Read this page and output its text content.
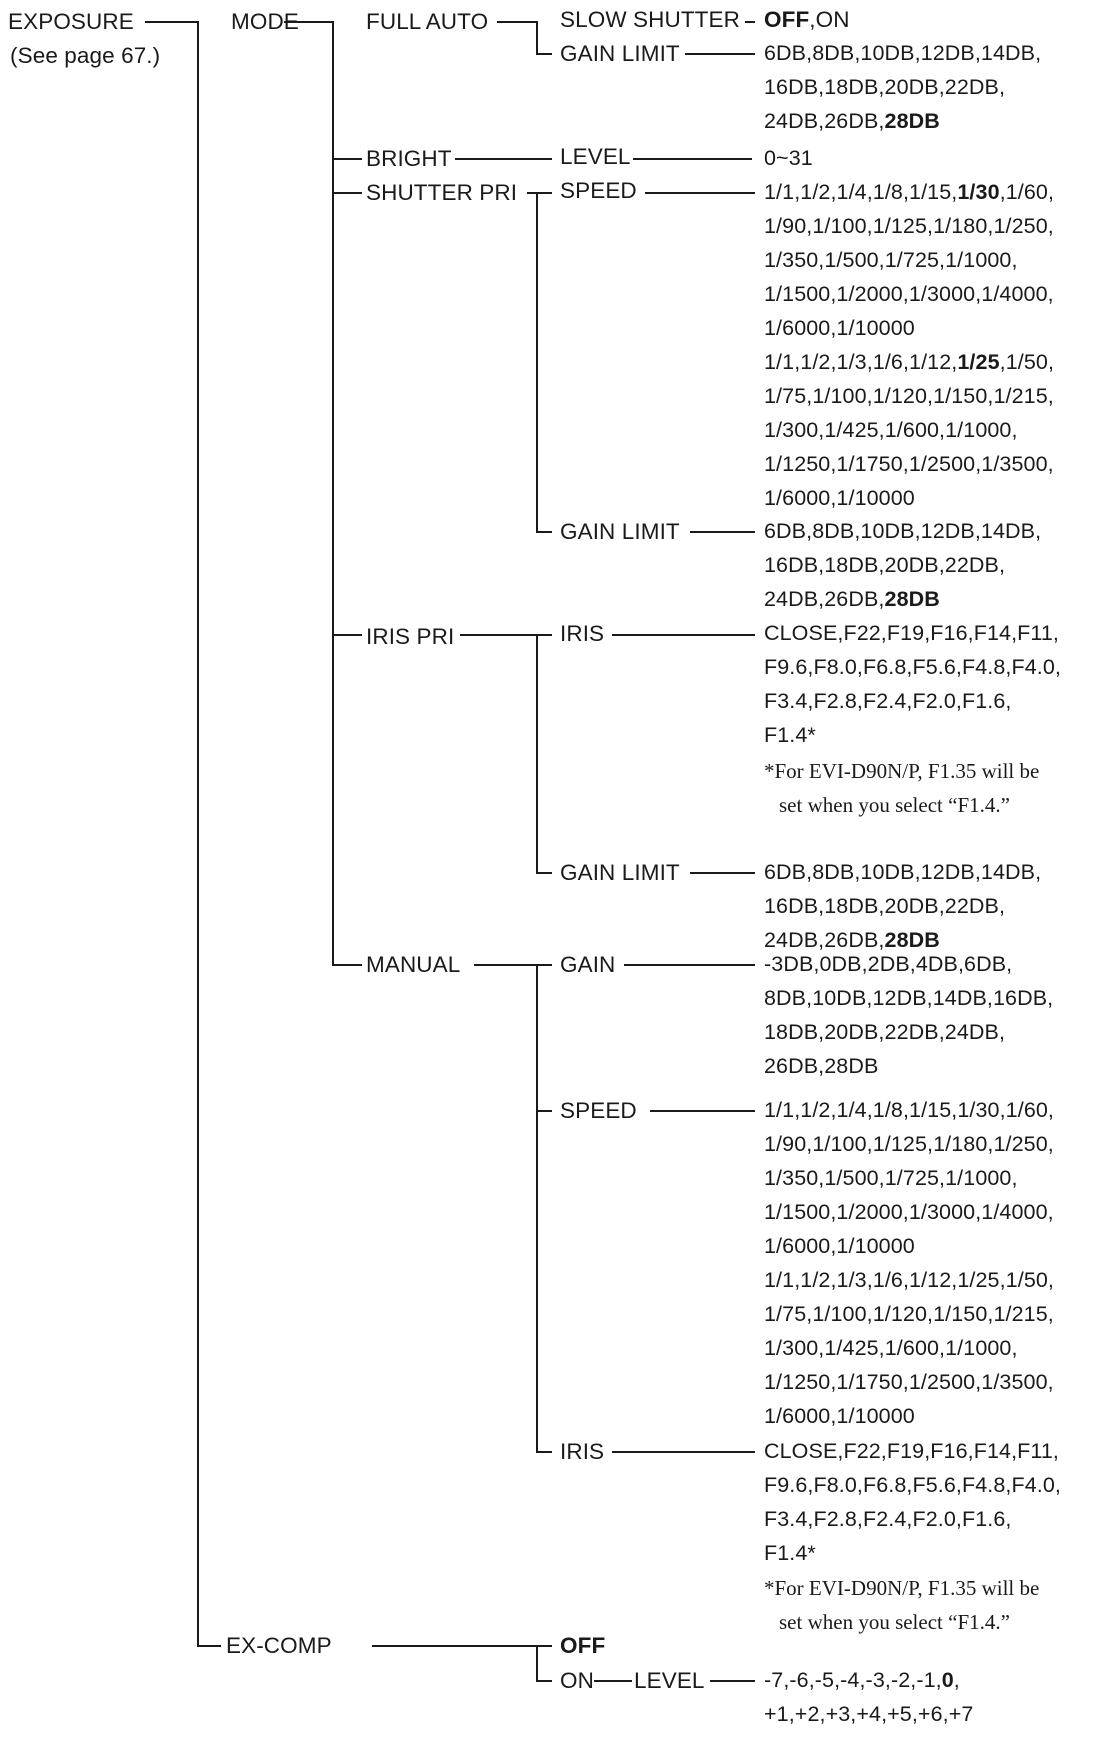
EXPOSURE
(See page 67.)
MODE	FULL AUTO	SLOW SHUTTER OFF,ON
GAIN LIMIT	6DB,8DB,10DB,12DB,14DB,
16DB,18DB,20DB,22DB,
24DB,26DB,28DB
BRIGHT	LEVEL	0~31
SHUTTER PRI SPEED	1/1,1/2,1/4,1/8,1/15,1/30,1/60,
1/90,1/100,1/125,1/180,1/250,
1/350,1/500,1/725,1/1000,
1/1500,1/2000,1/3000,1/4000,
1/6000,1/10000
1/1,1/2,1/3,1/6,1/12,1/25,1/50,
1/75,1/100,1/120,1/150,1/215,
1/300,1/425,1/600,1/1000,
1/1250,1/1750,1/2500,1/3500,
1/6000,1/10000
GAIN LIMIT	6DB,8DB,10DB,12DB,14DB,
16DB,18DB,20DB,22DB,
24DB,26DB,28DB
IRIS PRI	IRIS	CLOSE,F22,F19,F16,F14,F11,
F9.6,F8.0,F6.8,F5.6,F4.8,F4.0,
F3.4,F2.8,F2.4,F2.0,F1.6,
F1.4*
*For EVI-D90N/P, F1.35 will be
set when you select “F1.4.”
GAIN LIMIT	6DB,8DB,10DB,12DB,14DB,
16DB,18DB,20DB,22DB,
24DB,26DB,28DB
MANUAL	GAIN	-3DB,0DB,2DB,4DB,6DB,
8DB,10DB,12DB,14DB,16DB,
18DB,20DB,22DB,24DB,
26DB,28DB
SPEED	1/1,1/2,1/4,1/8,1/15,1/30,1/60,
1/90,1/100,1/125,1/180,1/250,
1/350,1/500,1/725,1/1000,
1/1500,1/2000,1/3000,1/4000,
1/6000,1/10000
1/1,1/2,1/3,1/6,1/12,1/25,1/50,
1/75,1/100,1/120,1/150,1/215,
1/300,1/425,1/600,1/1000,
1/1250,1/1750,1/2500,1/3500,
1/6000,1/10000
IRIS	CLOSE,F22,F19,F16,F14,F11,
F9.6,F8.0,F6.8,F5.6,F4.8,F4.0,
F3.4,F2.8,F2.4,F2.0,F1.6,
F1.4*
*For EVI-D90N/P, F1.35 will be
set when you select “F1.4.”
EX-COMP	OFF
ON LEVEL	-7,-6,-5,-4,-3,-2,-1,0,
+1,+2,+3,+4,+5,+6,+7
